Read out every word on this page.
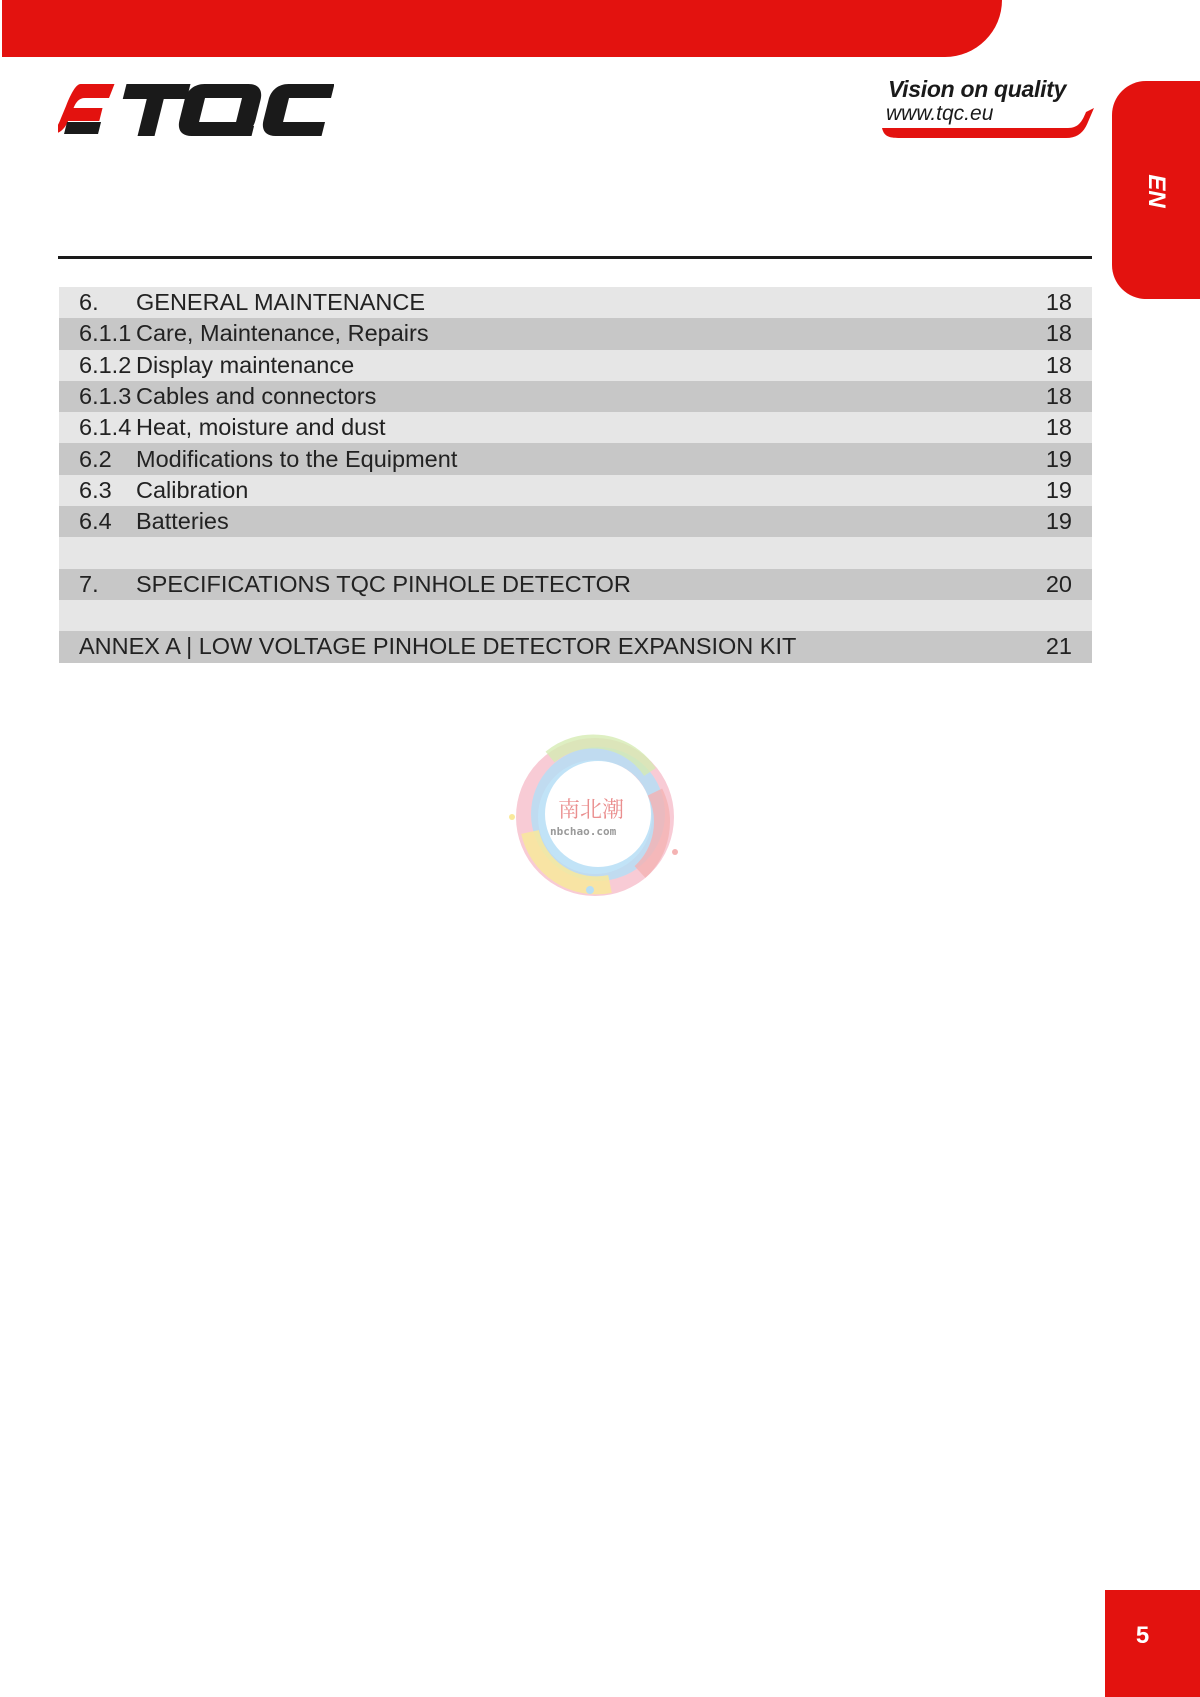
Vision on quality
www.tqc.eu
EN
6. GENERAL MAINTENANCE	18
6.1.1 Care, Maintenance, Repairs	18
6.1.2 Display maintenance	18
6.1.3 Cables and connectors	18
6.1.4 Heat, moisture and dust	18
6.2 Modifications to the Equipment	19
6.3 Calibration	19
6.4 Batteries	19
7. SPECIFICATIONS TQC PINHOLE DETECTOR	20
ANNEX A | LOW VOLTAGE PINHOLE DETECTOR EXPANSION KIT	21
南北潮
nbchao.com
5
